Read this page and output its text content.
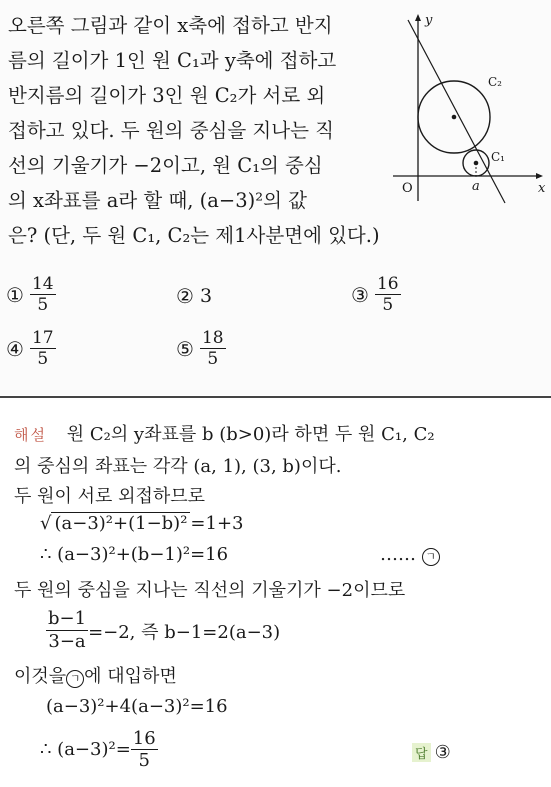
오른쪽 그림과 같이 x축에 접하고 반지
름의 길이가 1인 원 C₁과 y축에 접하고
반지름의 길이가 3인 원 C₂가 서로 외
접하고 있다. 두 원의 중심을 지나는 직
선의 기울기가 −2이고, 원 C₁의 중심
의 x좌표를 a라 할 때, (a−3)²의 값
은? (단, 두 원 C₁, C₂는 제1사분면에 있다.)
y
x
O	a
C₂
C₁
① $\frac{14}{5}$	② 3	③ $\frac{16}{5}$
④ $\frac{17}{5}$	⑤ $\frac{18}{5}$
해설 원 C₂의 y좌표를 b (b>0)라 하면 두 원 C₁, C₂
의 중심의 좌표는 각각 (a, 1), (3, b)이다.
두 원이 서로 외접하므로
√ (a−3)²+(1−b)² =1+3
∴ (a−3)²+(b−1)²=16	…… ㄱ
두 원의 중심을 지나는 직선의 기울기가 −2이므로
$\frac{b-1}{3-a} =-2$, 즉 b−1=2(a−3)
이것을 ㄱ 에 대입하면
(a−3)²+4(a−3)²=16
∴ $(a-3)^2= \frac{16}{5}$	답 ③
